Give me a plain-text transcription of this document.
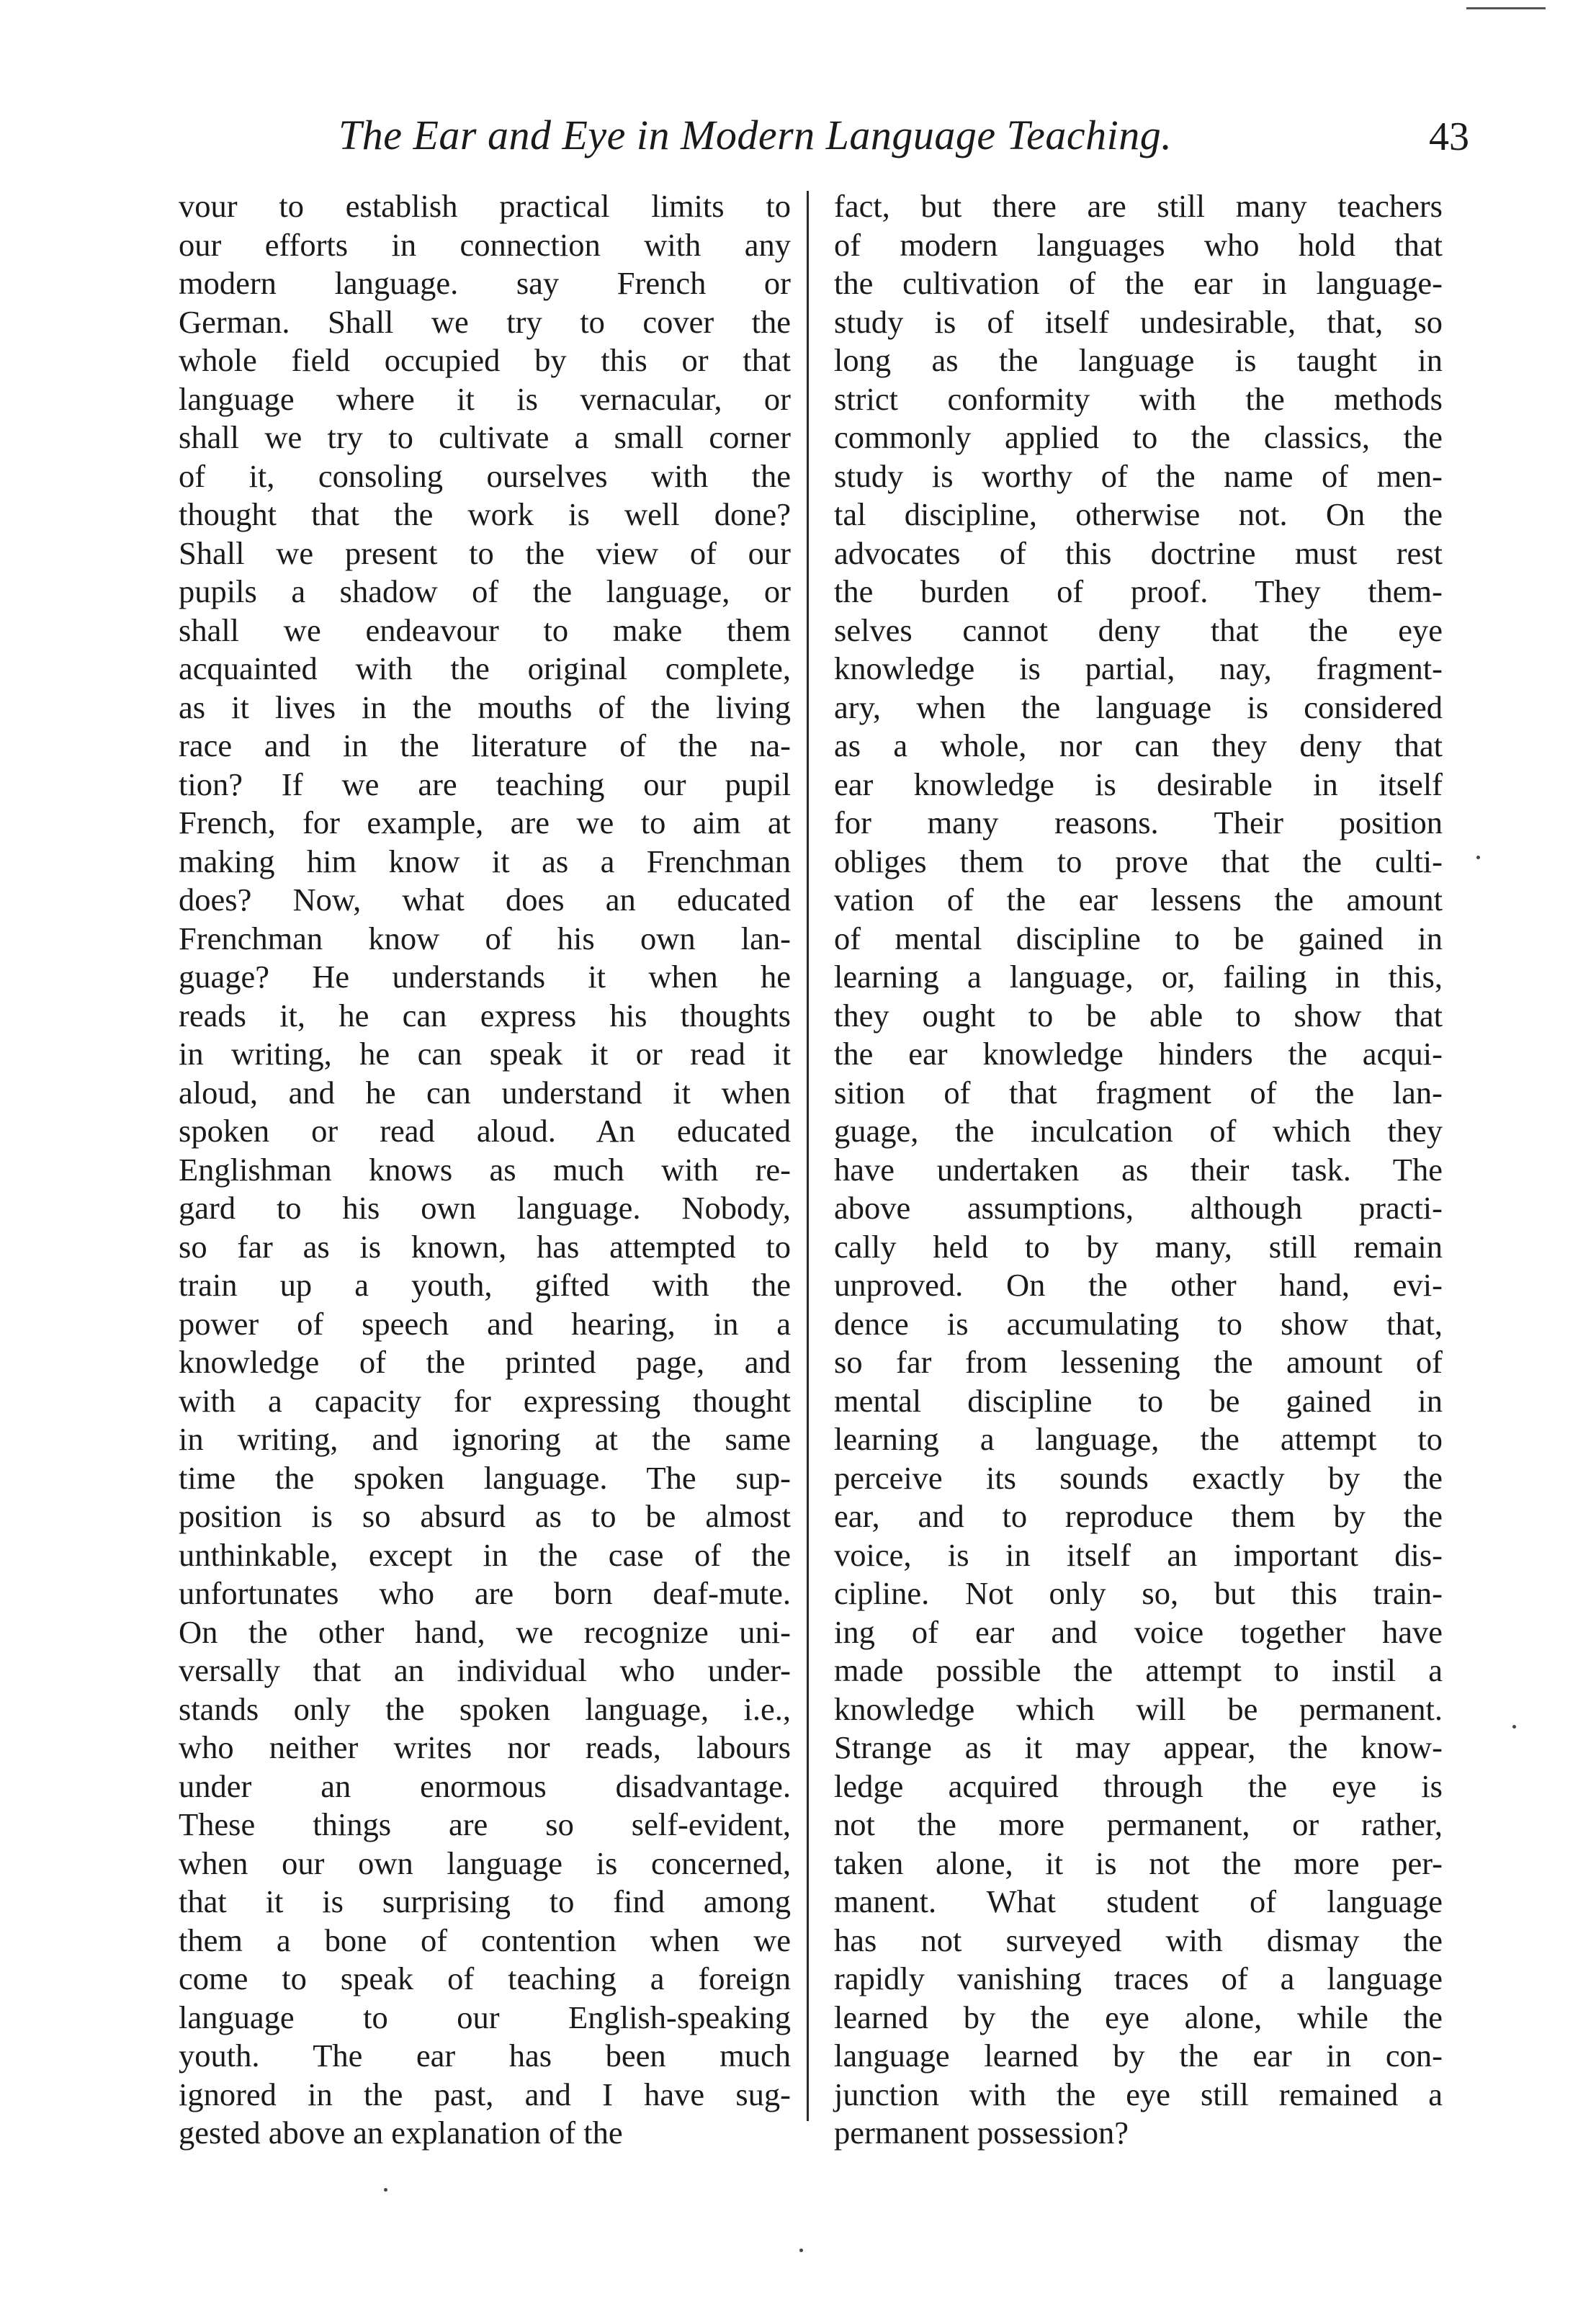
The Ear and Eye in Modern Language Teaching.	43
vour to establish practical limits to
our efforts in connection with any
modern language. say French or
German. Shall we try to cover the
whole field occupied by this or that
language where it is vernacular, or
shall we try to cultivate a small corner
of it, consoling ourselves with the
thought that the work is well done?
Shall we present to the view of our
pupils a shadow of the language, or
shall we endeavour to make them
acquainted with the original complete,
as it lives in the mouths of the living
race and in the literature of the na-
tion? If we are teaching our pupil
French, for example, are we to aim at
making him know it as a Frenchman
does? Now, what does an educated
Frenchman know of his own lan-
guage? He understands it when he
reads it, he can express his thoughts
in writing, he can speak it or read it
aloud, and he can understand it when
spoken or read aloud. An educated
Englishman knows as much with re-
gard to his own language. Nobody,
so far as is known, has attempted to
train up a youth, gifted with the
power of speech and hearing, in a
knowledge of the printed page, and
with a capacity for expressing thought
in writing, and ignoring at the same
time the spoken language. The sup-
position is so absurd as to be almost
unthinkable, except in the case of the
unfortunates who are born deaf-mute.
On the other hand, we recognize uni-
versally that an individual who under-
stands only the spoken language, i.e.,
who neither writes nor reads, labours
under an enormous disadvantage.
These things are so self-evident,
when our own language is concerned,
that it is surprising to find among
them a bone of contention when we
come to speak of teaching a foreign
language to our English-speaking
youth. The ear has been much
ignored in the past, and I have sug-
gested above an explanation of the
fact, but there are still many teachers
of modern languages who hold that
the cultivation of the ear in language-
study is of itself undesirable, that, so
long as the language is taught in
strict conformity with the methods
commonly applied to the classics, the
study is worthy of the name of men-
tal discipline, otherwise not. On the
advocates of this doctrine must rest
the burden of proof. They them-
selves cannot deny that the eye
knowledge is partial, nay, fragment-
ary, when the language is considered
as a whole, nor can they deny that
ear knowledge is desirable in itself
for many reasons. Their position
obliges them to prove that the culti-
vation of the ear lessens the amount
of mental discipline to be gained in
learning a language, or, failing in this,
they ought to be able to show that
the ear knowledge hinders the acqui-
sition of that fragment of the lan-
guage, the inculcation of which they
have undertaken as their task. The
above assumptions, although practi-
cally held to by many, still remain
unproved. On the other hand, evi-
dence is accumulating to show that,
so far from lessening the amount of
mental discipline to be gained in
learning a language, the attempt to
perceive its sounds exactly by the
ear, and to reproduce them by the
voice, is in itself an important dis-
cipline. Not only so, but this train-
ing of ear and voice together have
made possible the attempt to instil a
knowledge which will be permanent.
Strange as it may appear, the know-
ledge acquired through the eye is
not the more permanent, or rather,
taken alone, it is not the more per-
manent. What student of language
has not surveyed with dismay the
rapidly vanishing traces of a language
learned by the eye alone, while the
language learned by the ear in con-
junction with the eye still remained a
permanent possession?
